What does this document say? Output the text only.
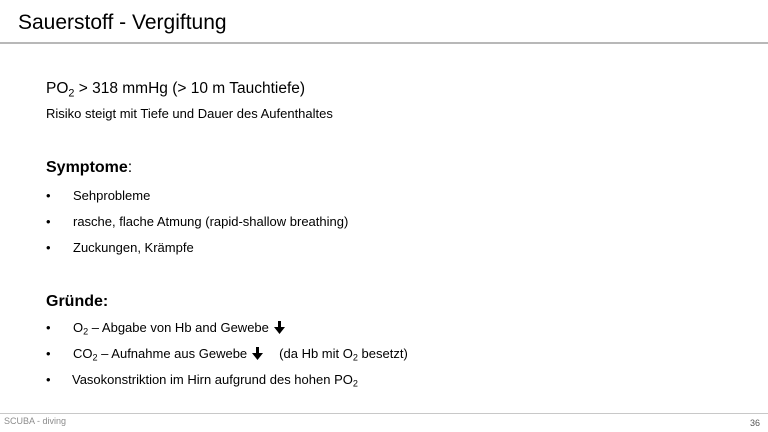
Sauerstoff - Vergiftung
$PO_2 > 318$ mmHg (> 10 m Tauchtiefe)
Risiko steigt mit Tiefe und Dauer des Aufenthaltes
Symptome:
• Sehprobleme
• rasche, flache Atmung (rapid-shallow breathing)
• Zuckungen, Krämpfe
Gründe:
• $O_2$ – Abgabe von Hb and Gewebe
• $CO_2$ – Aufnahme aus Gewebe (da Hb mit $O_2$ besetzt)
• Vasokonstriktion im Hirn aufgrund des hohen $PO_2$
SCUBA - diving	36
